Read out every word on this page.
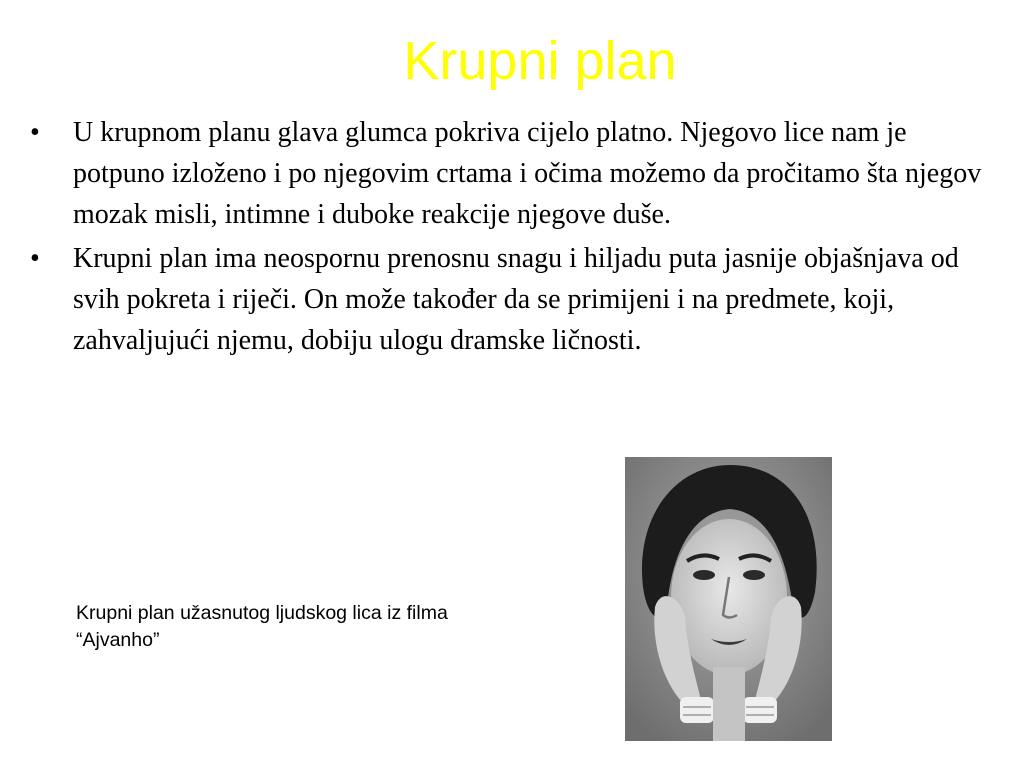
Krupni plan
•	U krupnom planu glava glumca pokriva cijelo platno. Njegovo lice nam je potpuno izloženo i po njegovim crtama i očima možemo da pročitamo šta njegov mozak misli, intimne i duboke reakcije njegove duše.
•	Krupni plan ima neospornu prenosnu snagu i hiljadu puta jasnije objašnjava od svih pokreta i riječi. On može također da se primijeni i na predmete, koji, zahvaljujući njemu, dobiju ulogu dramske ličnosti.
Krupni plan užasnutog ljudskog lica iz filma
“Ajvanho”
